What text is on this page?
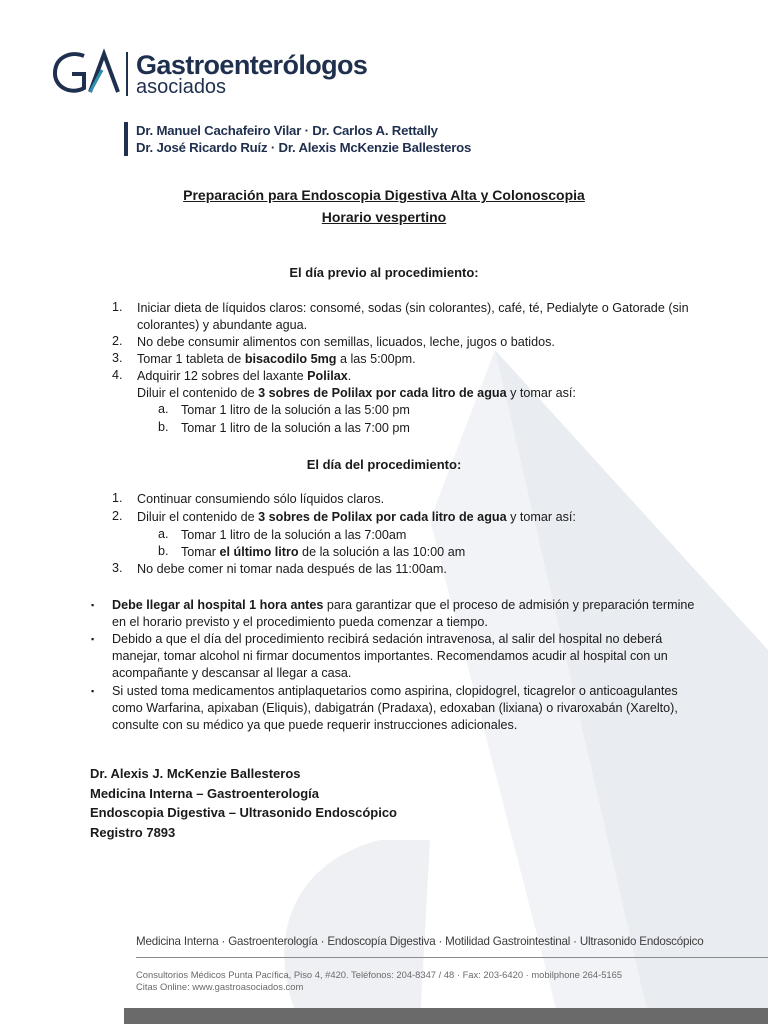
Gastroenterólogos
asociados
Dr. Manuel Cachafeiro Vilar · Dr. Carlos A. Rettally
Dr. José Ricardo Ruíz · Dr. Alexis McKenzie Ballesteros
Preparación para Endoscopia Digestiva Alta y Colonoscopia
Horario vespertino
El día previo al procedimiento:
1. Iniciar dieta de líquidos claros: consomé, sodas (sin colorantes), café, té, Pedialyte o Gatorade (sin
colorantes) y abundante agua.
2. No debe consumir alimentos con semillas, licuados, leche, jugos o batidos.
3. Tomar 1 tableta de bisacodilo 5mg a las 5:00pm.
4. Adquirir 12 sobres del laxante Polilax.
Diluir el contenido de 3 sobres de Polilax por cada litro de agua y tomar así:
a. Tomar 1 litro de la solución a las 5:00 pm
b. Tomar 1 litro de la solución a las 7:00 pm
El día del procedimiento:
1. Continuar consumiendo sólo líquidos claros.
2. Diluir el contenido de 3 sobres de Polilax por cada litro de agua y tomar así:
a. Tomar 1 litro de la solución a las 7:00am
b. Tomar el último litro de la solución a las 10:00 am
3. No debe comer ni tomar nada después de las 11:00am.
▪ Debe llegar al hospital 1 hora antes para garantizar que el proceso de admisión y preparación termine
en el horario previsto y el procedimiento pueda comenzar a tiempo.
▪ Debido a que el día del procedimiento recibirá sedación intravenosa, al salir del hospital no deberá
manejar, tomar alcohol ni firmar documentos importantes. Recomendamos acudir al hospital con un
acompañante y descansar al llegar a casa.
▪ Si usted toma medicamentos antiplaquetarios como aspirina, clopidogrel, ticagrelor o anticoagulantes
como Warfarina, apixaban (Eliquis), dabigatrán (Pradaxa), edoxaban (lixiana) o rivaroxabán (Xarelto),
consulte con su médico ya que puede requerir instrucciones adicionales.
Dr. Alexis J. McKenzie Ballesteros
Medicina Interna – Gastroenterología
Endoscopia Digestiva – Ultrasonido Endoscópico
Registro 7893
Medicina Interna · Gastroenterología · Endoscopía Digestiva · Motilidad Gastrointestinal · Ultrasonido Endoscópico
Consultorios Médicos Punta Pacífica, Piso 4, #420. Teléfonos: 204-8347 / 48 · Fax: 203-6420 · mobilphone 264-5165
Citas Online: www.gastroasociados.com
